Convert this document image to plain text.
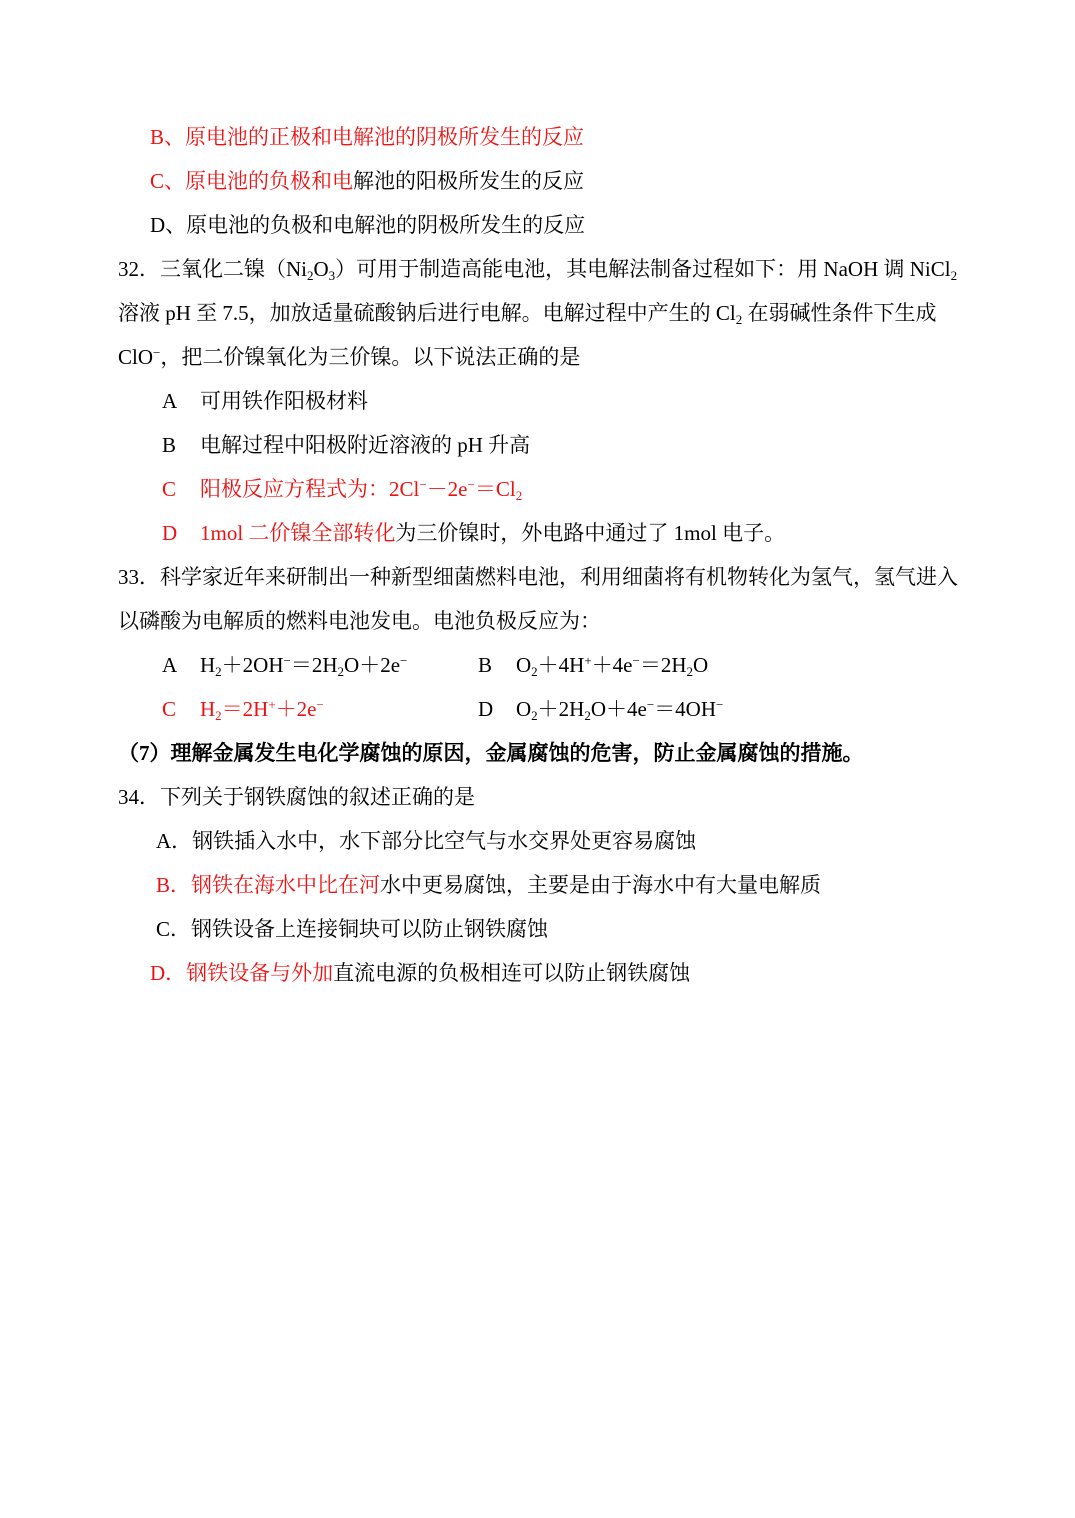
B、原电池的正极和电解池的阴极所发生的反应
C、原电池的负极和电解池的阳极所发生的反应
D、原电池的负极和电解池的阴极所发生的反应
32．三氧化二镍$(Ni_2O_3)$可用于制造高能电池，其电解法制备过程如下：用 NaOH 调 NiCl$_2$
溶液 pH 至 7.5，加放适量硫酸钠后进行电解。电解过程中产生的 $Cl_2$ 在弱碱性条件下生成
ClO−，把二价镍氧化为三价镍。以下说法正确的是
A 可用铁作阳极材料
B 电解过程中阳极附近溶液的 pH 升高
C 阳极反应方程式为：$2Cl^--2e^-=Cl_2$
D 1mol 二价镍全部转化为三价镍时，外电路中通过了 1mol 电子。
33．科学家近年来研制出一种新型细菌燃料电池，利用细菌将有机物转化为氢气，氢气进入
以磷酸为电解质的燃料电池发电。电池负极反应为：
A $H_2+2OH^-=2H_2O+2e^-$	B $O_2+4H^++4e^-=2H_2O$
C $H_2=2H^++2e^-$	D $O_2+2H_2O+4e^-=4OH^-$
（7）理解金属发生电化学腐蚀的原因，金属腐蚀的危害，防止金属腐蚀的措施。
34．下列关于钢铁腐蚀的叙述正确的是
A．钢铁插入水中，水下部分比空气与水交界处更容易腐蚀
B．钢铁在海水中比在河水中更易腐蚀，主要是由于海水中有大量电解质
C．钢铁设备上连接铜块可以防止钢铁腐蚀
D．钢铁设备与外加直流电源的负极相连可以防止钢铁腐蚀
